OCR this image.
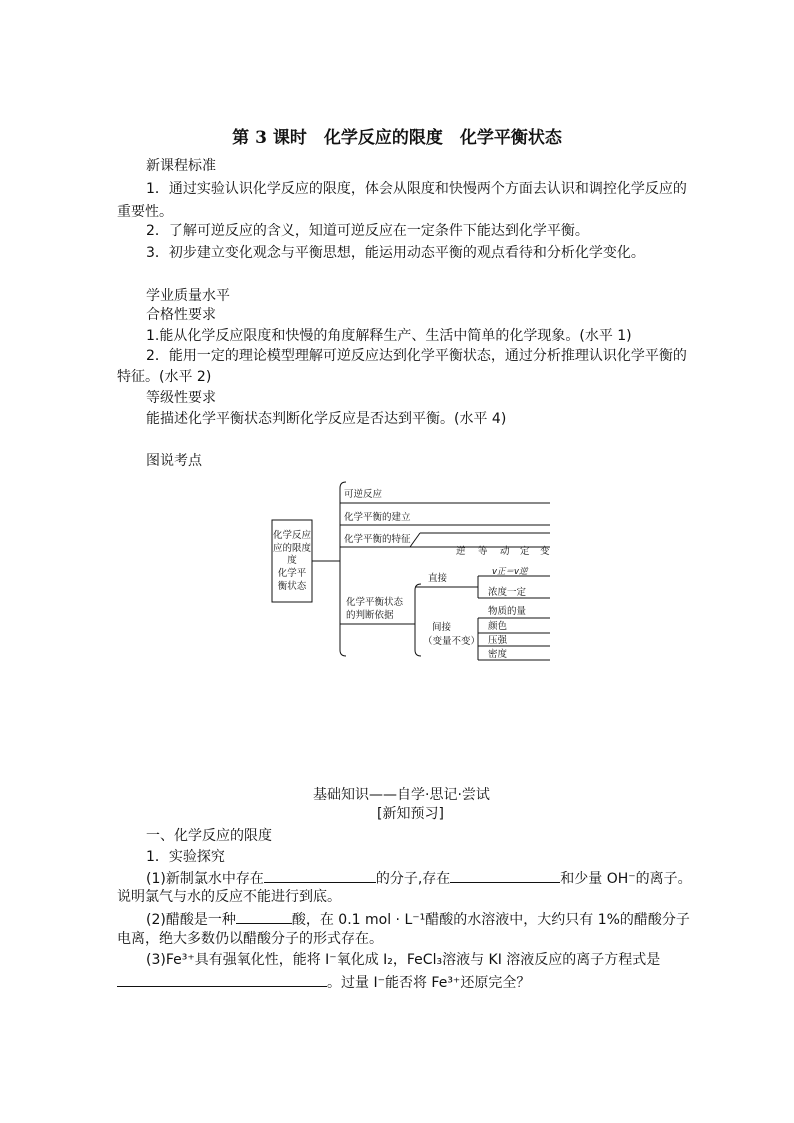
第 3 课时　化学反应的限度　化学平衡状态
新课程标准
1．通过实验认识化学反应的限度，体会从限度和快慢两个方面去认识和调控化学反应的
重要性。
2．了解可逆反应的含义，知道可逆反应在一定条件下能达到化学平衡。
3．初步建立变化观念与平衡思想，能运用动态平衡的观点看待和分析化学变化。
学业质量水平
合格性要求
1.能从化学反应限度和快慢的角度解释生产、生活中简单的化学现象。(水平 1)
2．能用一定的理论模型理解可逆反应达到化学平衡状态，通过分析推理认识化学平衡的
特征。(水平 2)
等级性要求
能描述化学平衡状态判断化学反应是否达到平衡。(水平 4)
图说考点
化学反应
应的限度
度
化学平
衡状态
可逆反应
化学平衡的建立
化学平衡的特征
逆 等 动 定 变
化学平衡状态
的判断依据
直接
v正＝v逆
浓度一定
间接
（变量不变）
物质的量
颜色
压强
密度
基础知识——自学·思记·尝试
[新知预习]
一、化学反应的限度
1．实验探究
(1)新制氯水中存在	的分子,存在	和少量 OH⁻的离子。
说明氯气与水的反应不能进行到底。
(2)醋酸是一种	酸，在 0.1 mol · L⁻¹醋酸的水溶液中，大约只有 1%的醋酸分子
电离，绝大多数仍以醋酸分子的形式存在。
(3)Fe³⁺具有强氧化性，能将 I⁻氧化成 I₂，FeCl₃溶液与 KI 溶液反应的离子方程式是
。过量 I⁻能否将 Fe³⁺还原完全？
